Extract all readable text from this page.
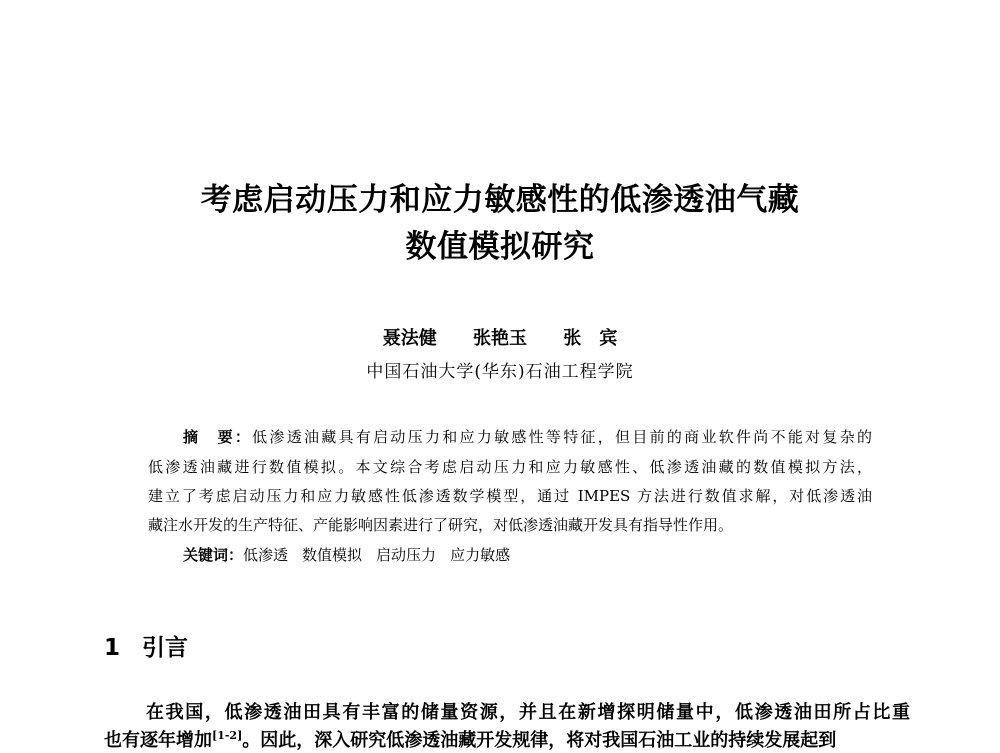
考虑启动压力和应力敏感性的低渗透油气藏
数值模拟研究
聂法健 张艳玉 张　宾
中国石油大学(华东)石油工程学院
摘　要：低渗透油藏具有启动压力和应力敏感性等特征，但目前的商业软件尚不能对复杂的
低渗透油藏进行数值模拟。本文综合考虑启动压力和应力敏感性、低渗透油藏的数值模拟方法，
建立了考虑启动压力和应力敏感性低渗透数学模型，通过 IMPES 方法进行数值求解，对低渗透油
藏注水开发的生产特征、产能影响因素进行了研究，对低渗透油藏开发具有指导性作用。
关键词：低渗透 数值模拟 启动压力 应力敏感
1 引言
在我国，低渗透油田具有丰富的储量资源，并且在新增探明储量中，低渗透油田所占比重
也有逐年增加[1-2]。因此，深入研究低渗透油藏开发规律，将对我国石油工业的持续发展起到
